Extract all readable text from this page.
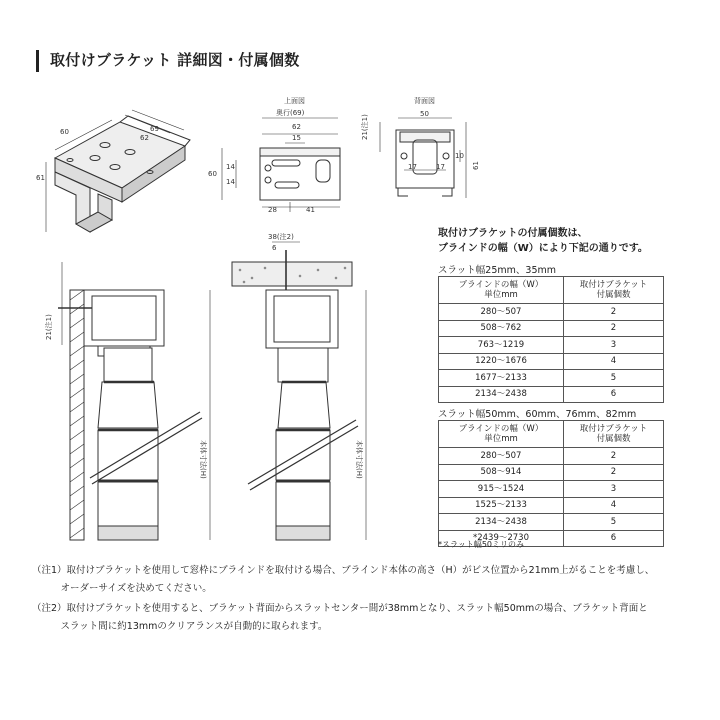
取付けブラケット 詳細図・付属個数
60
62
69
61
上面図
奥行(69)
62
15
60
14
14
28	41
背面図
50
17	17
21(注1)
10
61
21(注1)
本体寸法(H)
38(注2)
6
本体寸法(H)
取付けブラケットの付属個数は、
ブラインドの幅（W）により下記の通りです。
スラット幅25mm、35mm
ブラインドの幅（W）
単位mm	取付けブラケット
付属個数
280～507	2
508～762	2
763～1219	3
1220～1676	4
1677～2133	5
2134～2438	6
スラット幅50mm、60mm、76mm、82mm
ブラインドの幅（W）
単位mm	取付けブラケット
付属個数
280～507	2
508～914	2
915～1524	3
1525～2133	4
2134～2438	5
*2439～2730	6
*スラット幅50ミリのみ
（注1）取付けブラケットを使用して窓枠にブラインドを取付ける場合、ブラインド本体の高さ（H）がビス位置から21mm上がることを考慮し、
　　　オーダーサイズを決めてください。
（注2）取付けブラケットを使用すると、ブラケット背面からスラットセンター間が38mmとなり、スラット幅50mmの場合、ブラケット背面と
　　　スラット間に約13mmのクリアランスが自動的に取られます。
